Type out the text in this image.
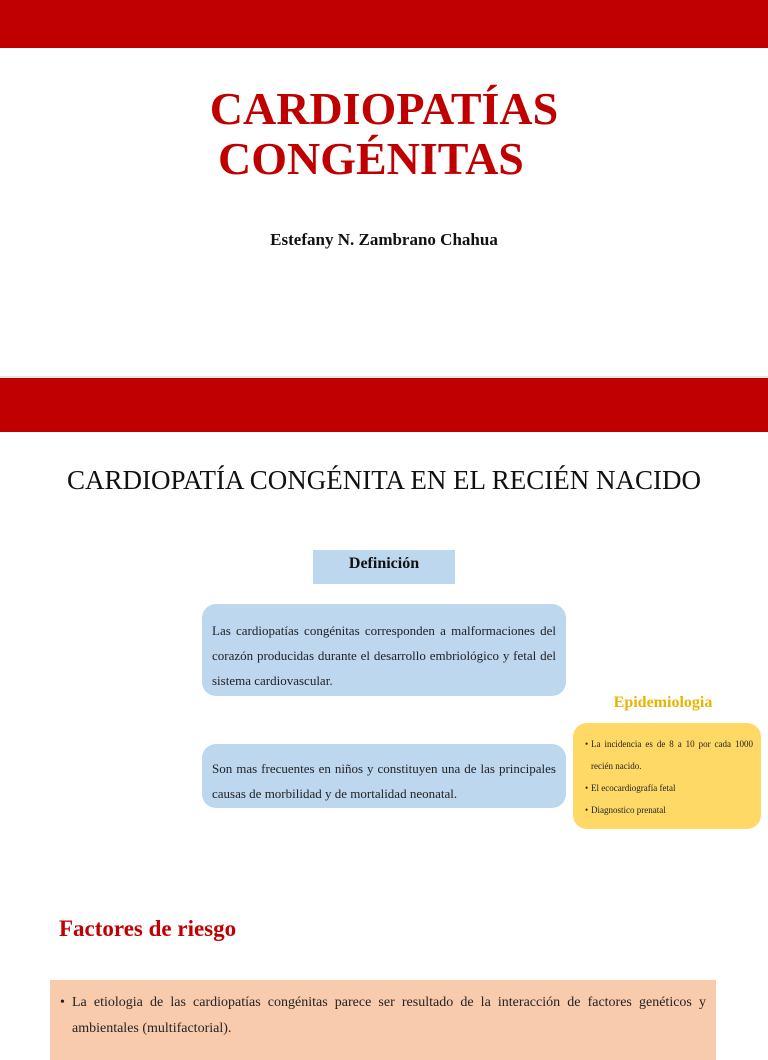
CARDIOPATÍAS
CONGÉNITAS
Estefany N. Zambrano Chahua
CARDIOPATÍA CONGÉNITA EN EL RECIÉN NACIDO
Definición
Las cardiopatías congénitas corresponden a malformaciones del corazón producidas durante el desarrollo embriológico y fetal del sistema cardiovascular.
Son mas frecuentes en niños y constituyen una de las principales causas de morbilidad y de mortalidad neonatal.
Epidemiologia
• La incidencia es de 8 a 10 por cada 1000 recién nacido.
• El ecocardiografía fetal
• Diagnostico prenatal
Factores de riesgo
• La etiologia de las cardiopatías congénitas parece ser resultado de la interacción de factores genéticos y ambientales (multifactorial).
